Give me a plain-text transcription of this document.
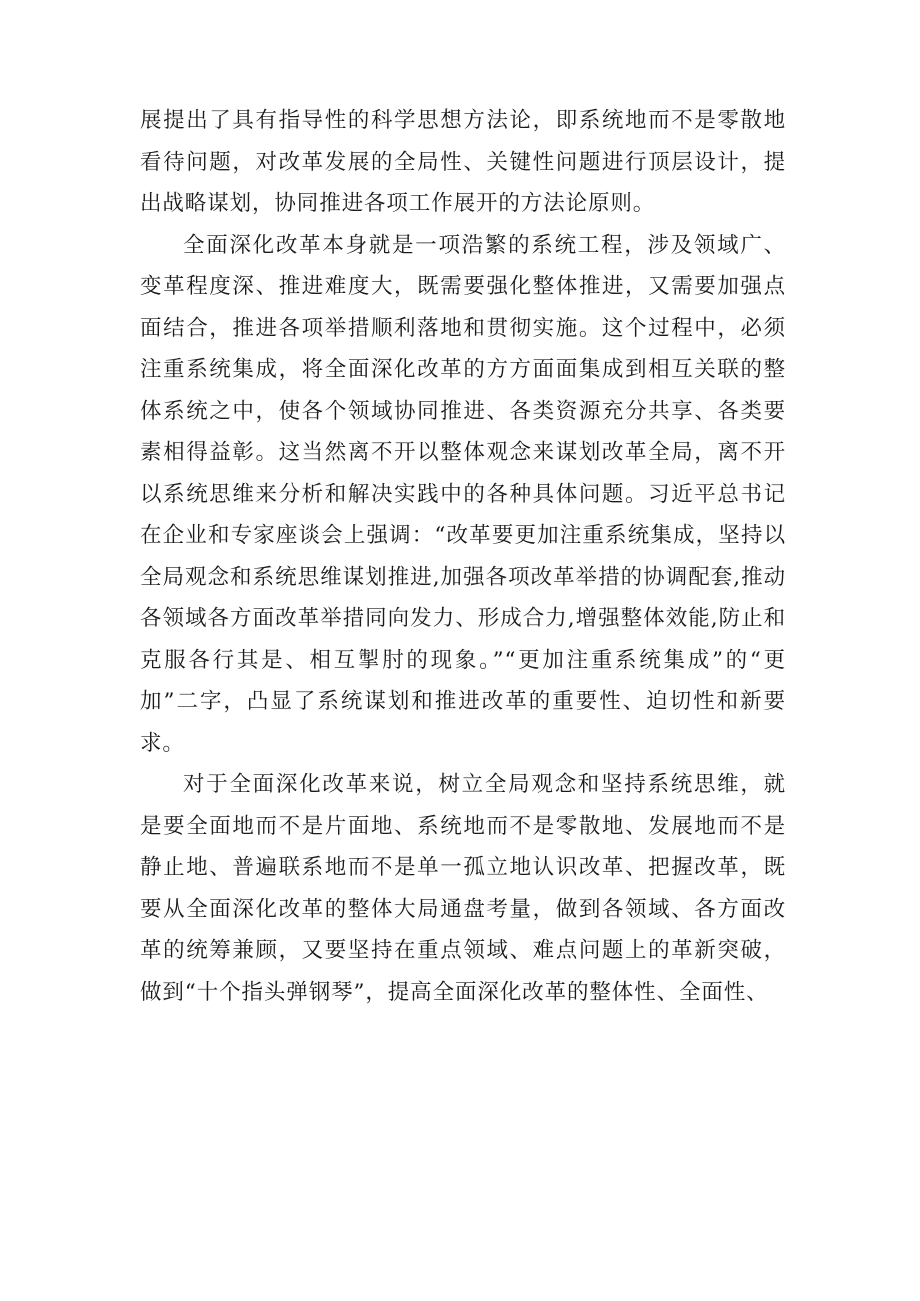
展提出了具有指导性的科学思想方法论，即系统地而不是零散地看待问题，对改革发展的全局性、关键性问题进行顶层设计，提出战略谋划，协同推进各项工作展开的方法论原则。

全面深化改革本身就是一项浩繁的系统工程，涉及领域广、变革程度深、推进难度大，既需要强化整体推进，又需要加强点面结合，推进各项举措顺利落地和贯彻实施。这个过程中，必须注重系统集成，将全面深化改革的方方面面集成到相互关联的整体系统之中，使各个领域协同推进、各类资源充分共享、各类要素相得益彰。这当然离不开以整体观念来谋划改革全局，离不开以系统思维来分析和解决实践中的各种具体问题。习近平总书记在企业和专家座谈会上强调：“改革要更加注重系统集成，坚持以全局观念和系统思维谋划推进,加强各项改革举措的协调配套,推动各领域各方面改革举措同向发力、形成合力,增强整体效能,防止和克服各行其是、相互掣肘的现象。”“更加注重系统集成”的“更加”二字，凸显了系统谋划和推进改革的重要性、迫切性和新要求。

对于全面深化改革来说，树立全局观念和坚持系统思维，就是要全面地而不是片面地、系统地而不是零散地、发展地而不是静止地、普遍联系地而不是单一孤立地认识改革、把握改革，既要从全面深化改革的整体大局通盘考量，做到各领域、各方面改革的统筹兼顾，又要坚持在重点领域、难点问题上的革新突破，做到“十个指头弹钢琴”，提高全面深化改革的整体性、全面性、
